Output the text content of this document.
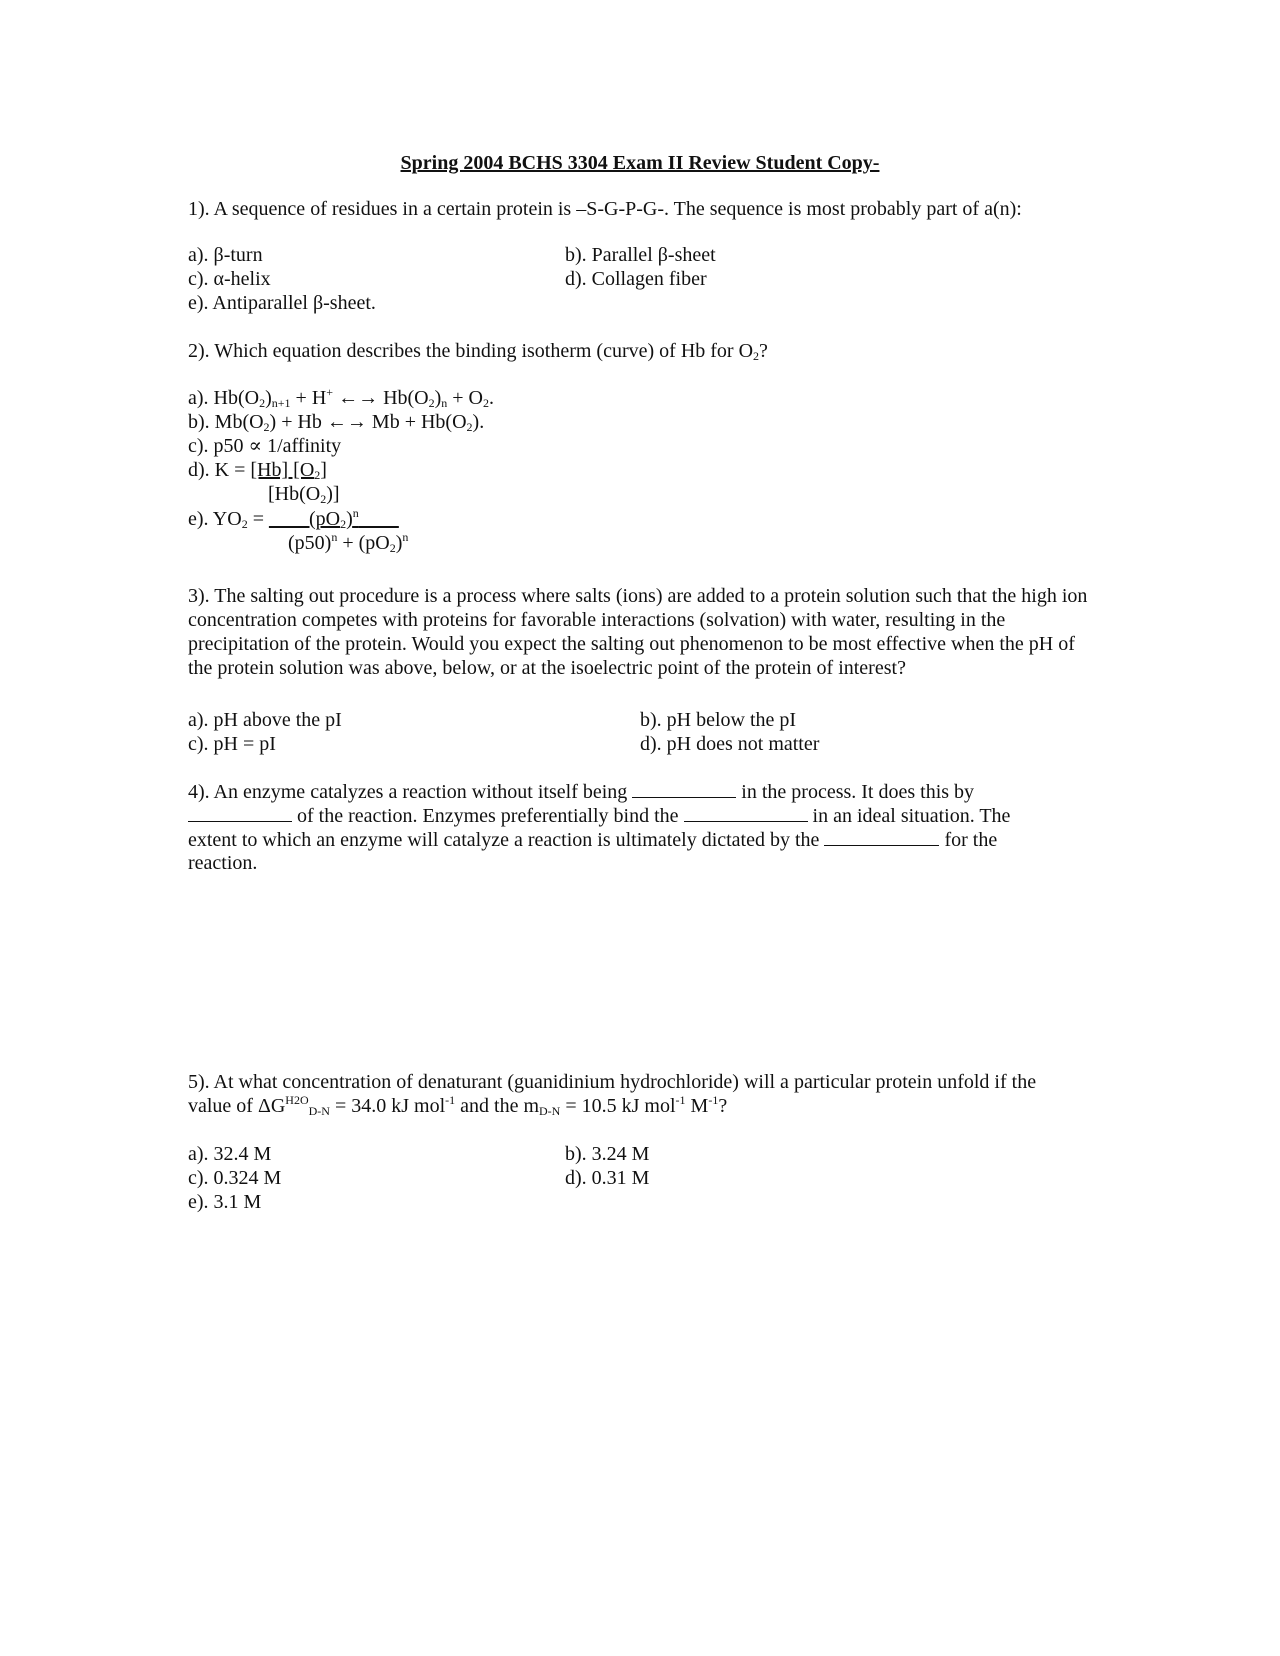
Spring 2004 BCHS 3304 Exam II Review Student Copy-
1). A sequence of residues in a certain protein is –S-G-P-G-. The sequence is most probably part of a(n):
a). β-turn	b). Parallel β-sheet
c). α-helix	d). Collagen fiber
e). Antiparallel β-sheet.
2). Which equation describes the binding isotherm (curve) of Hb for $O_2$?
a). $Hb(O_2)_{n+1} + H^+$ ←→ $Hb(O_2)_n + O_2$.
b). $Mb(O_2) + Hb$ ←→ $Mb + Hb(O_2)$.
c). p50 ∝ 1/affinity
d). K = [Hb] $[O_2]$
$[Hb(O_2)]$
e). $YO_2$ = $\_\_\_\_(pO_2)^n\_\_\_\_$
$(p50)^n + (pO_2)^n$
3). The salting out procedure is a process where salts (ions) are added to a protein solution such that the high ion concentration competes with proteins for favorable interactions (solvation) with water, resulting in the precipitation of the protein. Would you expect the salting out phenomenon to be most effective when the pH of the protein solution was above, below, or at the isoelectric point of the protein of interest?
a). pH above the pI	b). pH below the pI
c). pH = pI	d). pH does not matter
4). An enzyme catalyzes a reaction without itself being	in the process. It does this by
of the reaction. Enzymes preferentially bind the	in an ideal situation. The
extent to which an enzyme will catalyze a reaction is ultimately dictated by the	for the
reaction.
5). At what concentration of denaturant (guanidinium hydrochloride) will a particular protein unfold if the
value of $\Delta G^{H2O}_{D-N} = 34.0$ kJ mol$^{-1}$ and the $m_{D-N} = 10.5$ kJ mol$^{-1}$ $M^{-1}$?
a). 32.4 M	b). 3.24 M
c). 0.324 M	d). 0.31 M
e). 3.1 M
